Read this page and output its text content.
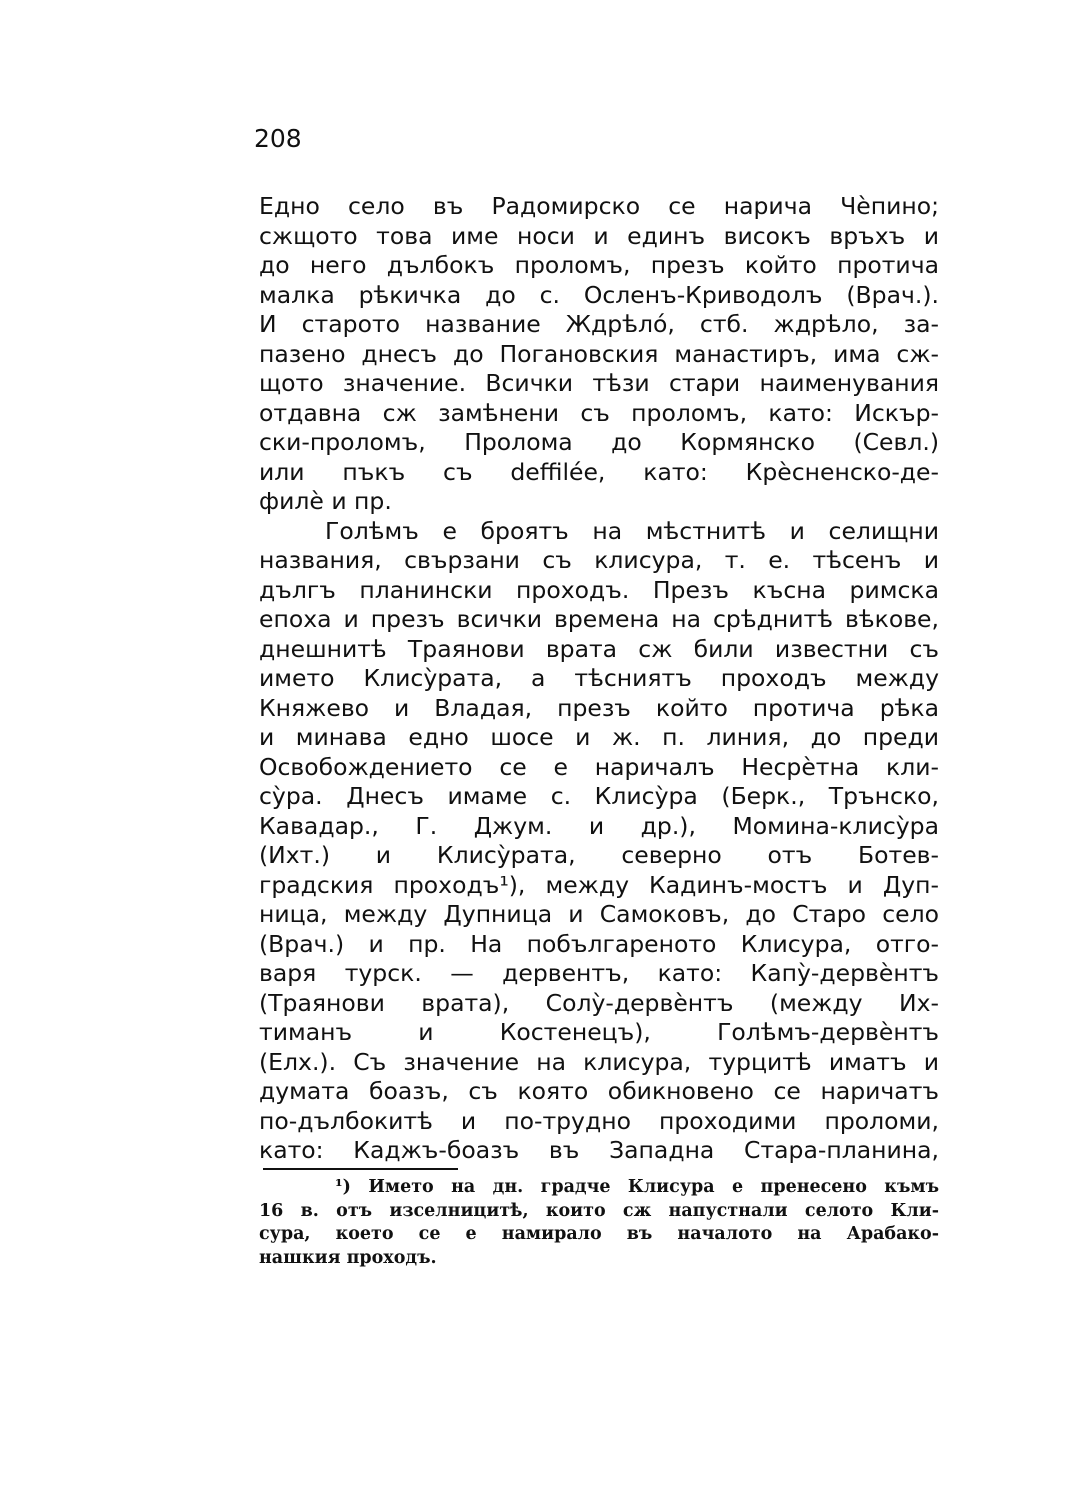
208
Едно село въ Радомирско се нарича Чѐпино;
сжщото това име носи и единъ високъ връхъ и
до него дълбокъ проломъ, презъ който протича
малка рѣкичка до с. Осленъ-Криводолъ (Врач.).
И старото название Ждрѣлó, стб. ждрѣло, за-
пазено днесъ до Погановския манастиръ, има сж-
щото значение. Всички тѣзи стари наименувания
отдавна сж замѣнени съ проломъ, като: Искър-
ски-проломъ, Проломa до Кормянско (Севл.)
или пъкъ съ deffilée, като: Крѐсненско-де-
филѐ и пр.
Голѣмъ е броятъ на мѣстнитѣ и селищни
названия, свързани съ клисура, т. е. тѣсенъ и
дългъ планински проходъ. Презъ късна римска
епоха и презъ всички времена на срѣднитѣ вѣкове,
днешнитѣ Траянови врата сж били известни съ
името Клисỳрата, а тѣсниятъ проходъ между
Княжево и Владая, презъ който протича рѣка
и минава едно шосе и ж. п. линия, до преди
Освобождението се е наричалъ Несрѐтна кли-
сỳра. Днесъ имаме с. Клисỳра (Берк., Трънско,
Кавадар., Г. Джум. и др.), Момина-клисỳра
(Ихт.) и Клисỳрата, северно отъ Ботев-
градския проходъ¹), между Кадинъ-мостъ и Дуп-
ница, между Дупница и Самоковъ, до Старо село
(Врач.) и пр. На побългареното Клисура, отго-
варя турск. — дервентъ, като: Капỳ-дервѐнтъ
(Траянови врата), Солỳ-дервѐнтъ (между Их-
тиманъ и Костенецъ), Голѣмъ-дервѐнтъ
(Елх.). Съ значение на клисура, турцитѣ иматъ и
думата боазъ, съ която обикновено се наричатъ
по-дълбокитѣ и по-трудно проходими проломи,
като: Каджъ-боазъ въ Западна Стара-планина,
¹) Името на дн. градче Клисура е пренесено къмъ
16 в. отъ изселницитѣ, които сж напустнали селото Кли-
сура, което се е намирало въ началото на Арабако-
нашкия проходъ.
